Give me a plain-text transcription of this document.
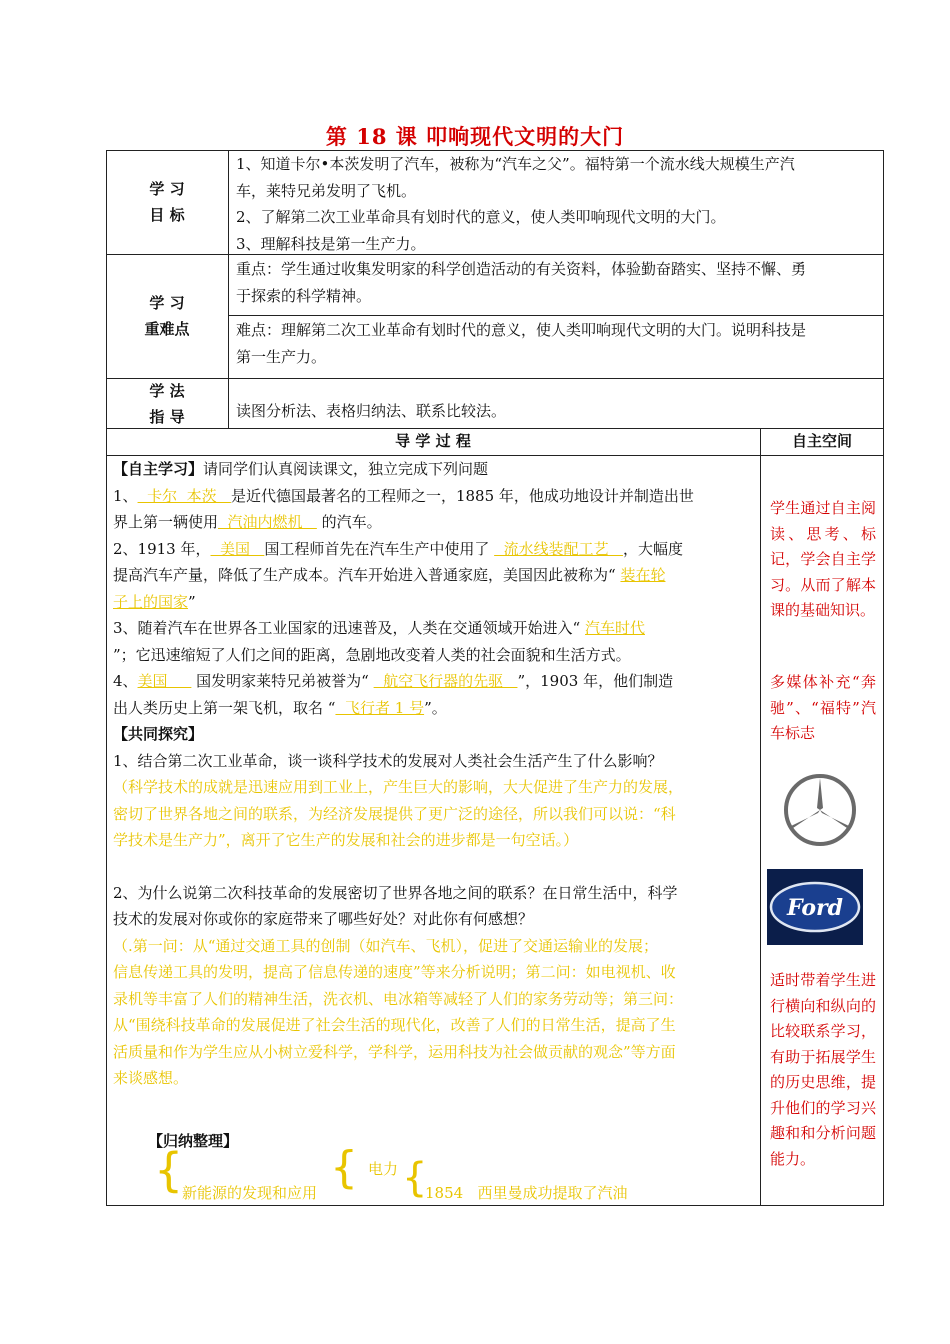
第 18 课 叩响现代文明的大门
学 习
目 标
1、知道卡尔•本茨发明了汽车，被称为“汽车之父”。福特第一个流水线大规模生产汽
车，莱特兄弟发明了飞机。
2、了解第二次工业革命具有划时代的意义，使人类叩响现代文明的大门。
3、理解科技是第一生产力。
学 习
重难点
重点：学生通过收集发明家的科学创造活动的有关资料，体验勤奋踏实、坚持不懈、勇
于探索的科学精神。
难点：理解第二次工业革命有划时代的意义，使人类叩响现代文明的大门。说明科技是
第一生产力。
学 法
指 导	读图分析法、表格归纳法、联系比较法。
导 学 过 程	自主空间
【自主学习】请同学们认真阅读课文，独立完成下列问题
1、  卡尔  本茨   是近代德国最著名的工程师之一，1885 年，他成功地设计并制造出世
界上第一辆使用  汽油内燃机    的汽车。
2、1913 年，  美国   国工程师首先在汽车生产中使用了   流水线装配工艺   ，大幅度
提高汽车产量，降低了生产成本。汽车开始进入普通家庭，美国因此被称为“ 装在轮
子上的国家”
3、随着汽车在世界各工业国家的迅速普及，人类在交通领域开始进入“ 汽车时代
”；它迅速缩短了人们之间的距离，急剧地改变着人类的社会面貌和生活方式。
4、美国      国发明家莱特兄弟被誉为“   航空飞行器的先驱   ”，1903 年，他们制造
出人类历史上第一架飞机，取名 “  飞行者 1 号”。
【共同探究】
1、结合第二次工业革命，谈一谈科学技术的发展对人类社会生活产生了什么影响？
（科学技术的成就是迅速应用到工业上，产生巨大的影响，大大促进了生产力的发展，
密切了世界各地之间的联系，为经济发展提供了更广泛的途径，所以我们可以说：“科
学技术是生产力”，离开了它生产的发展和社会的进步都是一句空话。）
2、为什么说第二次科技革命的发展密切了世界各地之间的联系？在日常生活中，科学
技术的发展对你或你的家庭带来了哪些好处？对此你有何感想？
（.第一问：从“通过交通工具的创制（如汽车、飞机），促进了交通运输业的发展；
信息传递工具的发明，提高了信息传递的速度”等来分析说明；第二问：如电视机、收
录机等丰富了人们的精神生活，洗衣机、电冰箱等减轻了人们的家务劳动等；第三问：
从“围绕科技革命的发展促进了社会生活的现代化，改善了人们的日常生活，提高了生
活质量和作为学生应从小树立爱科学，学科学，运用科技为社会做贡献的观念”等方面
来谈感想。
【归纳整理】
{
新能源的发现和应用 { 电力 {
1854   西里曼成功提取了汽油
学生通过自主阅读、思考、标记，学会自主学习。从而了解本课的基础知识。
多媒体补充“奔驰”、“福特”汽车标志
Ford
适时带着学生进行横向和纵向的比较联系学习，有助于拓展学生的历史思维，提升他们的学习兴趣和和分析问题能力。
